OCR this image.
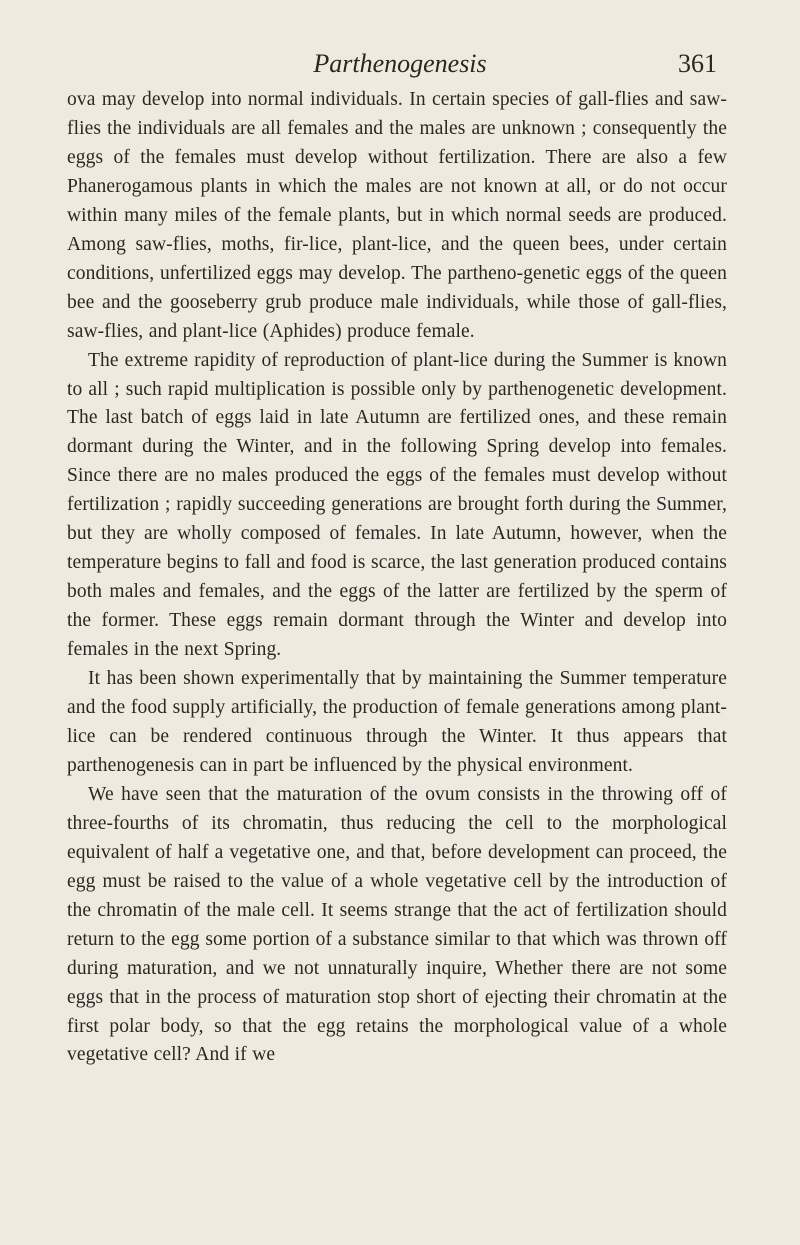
Parthenogenesis	361

ova may develop into normal individuals. In certain species of gall-flies and saw-flies the individuals are all females and the males are unknown ; consequently the eggs of the females must develop without fertilization. There are also a few Phanerogamous plants in which the males are not known at all, or do not occur within many miles of the female plants, but in which normal seeds are produced. Among saw-flies, moths, fir-lice, plant-lice, and the queen bees, under certain conditions, unfertilized eggs may develop. The partheno-genetic eggs of the queen bee and the gooseberry grub produce male individuals, while those of gall-flies, saw-flies, and plant-lice (Aphides) produce female.

The extreme rapidity of reproduction of plant-lice during the Summer is known to all ; such rapid multiplication is possible only by parthenogenetic development. The last batch of eggs laid in late Autumn are fertilized ones, and these remain dormant during the Winter, and in the following Spring develop into females. Since there are no males produced the eggs of the females must develop without fertilization ; rapidly succeeding generations are brought forth during the Summer, but they are wholly composed of females. In late Autumn, however, when the temperature begins to fall and food is scarce, the last generation produced contains both males and females, and the eggs of the latter are fertilized by the sperm of the former. These eggs remain dormant through the Winter and develop into females in the next Spring.

It has been shown experimentally that by maintaining the Summer temperature and the food supply artificially, the production of female generations among plant-lice can be rendered continuous through the Winter. It thus appears that parthenogenesis can in part be influenced by the physical environment.

We have seen that the maturation of the ovum consists in the throwing off of three-fourths of its chromatin, thus reducing the cell to the morphological equivalent of half a vegetative one, and that, before development can proceed, the egg must be raised to the value of a whole vegetative cell by the introduction of the chromatin of the male cell. It seems strange that the act of fertilization should return to the egg some portion of a substance similar to that which was thrown off during maturation, and we not unnaturally inquire, Whether there are not some eggs that in the process of maturation stop short of ejecting their chromatin at the first polar body, so that the egg retains the morphological value of a whole vegetative cell? And if we
